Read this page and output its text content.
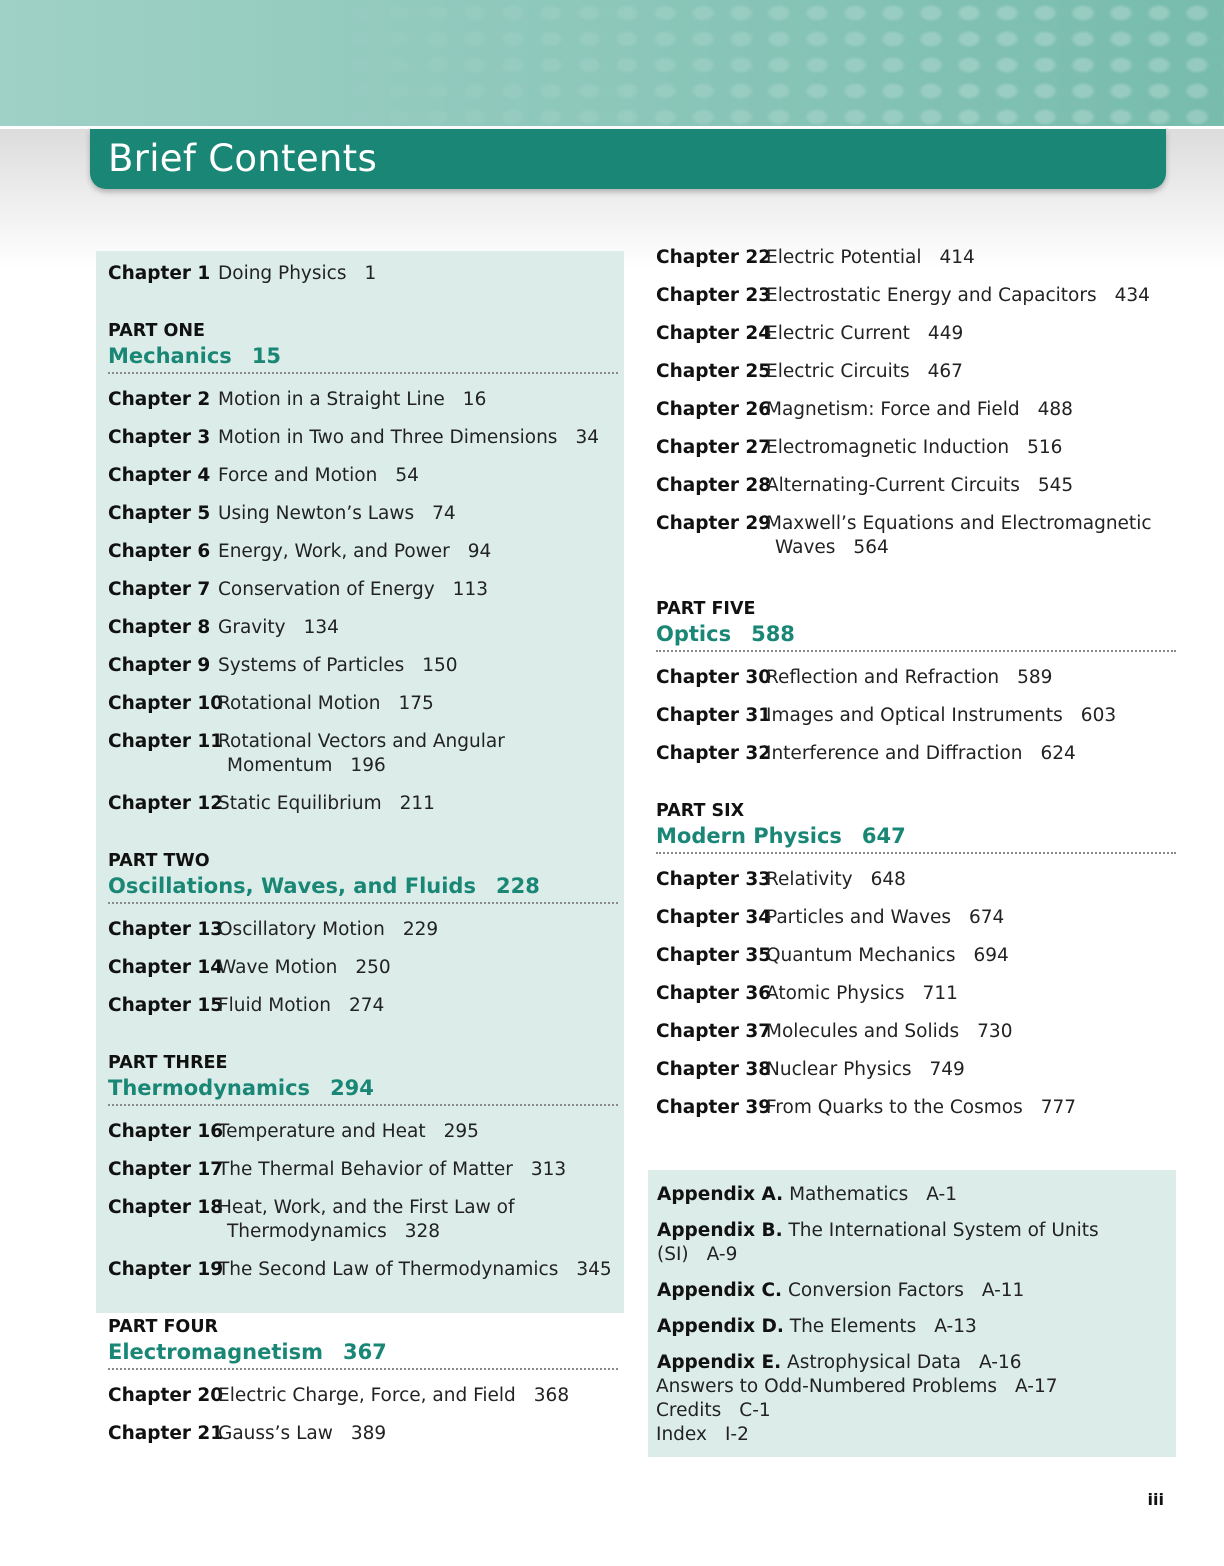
Brief Contents
Chapter 1 Doing Physics 1
PART ONE
Mechanics 15
Chapter 2 Motion in a Straight Line 16
Chapter 3 Motion in Two and Three Dimensions 34
Chapter 4 Force and Motion 54
Chapter 5 Using Newton’s Laws 74
Chapter 6 Energy, Work, and Power 94
Chapter 7 Conservation of Energy 113
Chapter 8 Gravity 134
Chapter 9 Systems of Particles 150
Chapter 10
Rotational Motion 175
Chapter 11
Rotational Vectors and Angular
Momentum 196
Chapter 12
Static Equilibrium 211
PART TWO
Oscillations, Waves, and Fluids 228
Chapter 13
Oscillatory Motion 229
Chapter 14
Wave Motion 250
Chapter 15
Fluid Motion 274
PART THREE
Thermodynamics 294
Chapter 16
Temperature and Heat 295
Chapter 17
The Thermal Behavior of Matter 313
Chapter 18
Heat, Work, and the First Law of
Thermodynamics 328
Chapter 19
The Second Law of Thermodynamics 345
PART FOUR
Electromagnetism 367
Chapter 20
Electric Charge, Force, and Field 368
Chapter 21
Gauss’s Law 389
Chapter 22
Electric Potential 414
Chapter 23
Electrostatic Energy and Capacitors 434
Chapter 24
Electric Current 449
Chapter 25
Electric Circuits 467
Chapter 26
Magnetism: Force and Field 488
Chapter 27
Electromagnetic Induction 516
Chapter 28
Alternating-Current Circuits 545
Chapter 29
Maxwell’s Equations and Electromagnetic
Waves 564
PART FIVE
Optics 588
Chapter 30
Reflection and Refraction 589
Chapter 31
Images and Optical Instruments 603
Chapter 32
Interference and Diffraction 624
PART SIX
Modern Physics 647
Chapter 33
Relativity 648
Chapter 34
Particles and Waves 674
Chapter 35
Quantum Mechanics 694
Chapter 36
Atomic Physics 711
Chapter 37
Molecules and Solids 730
Chapter 38
Nuclear Physics 749
Chapter 39
From Quarks to the Cosmos 777
Appendix A. Mathematics A-1
Appendix B. The International System of Units (SI) A-9
Appendix C. Conversion Factors A-11
Appendix D. The Elements A-13
Appendix E. Astrophysical Data A-16
Answers to Odd-Numbered Problems A-17
Credits C-1
Index I-2
iii
